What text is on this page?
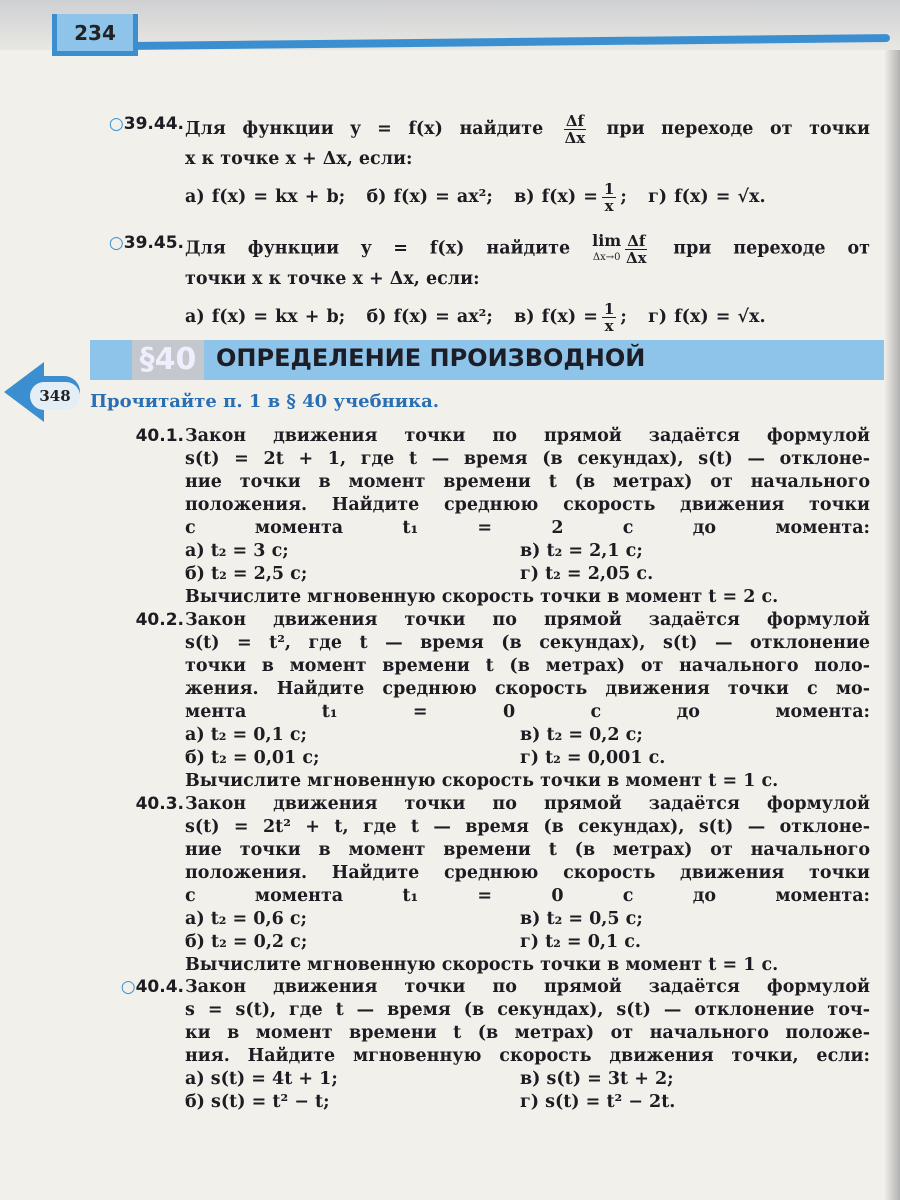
234
○39.44. Для функции y = f(x) найдите $\frac{\Delta f}{\Delta x}$ при переходе от точки
x к точке x + Δx, если:
а) f(x) = kx + b; б) f(x) = ax²; в) $f(x) = \frac{1}{x}$ ; г) f(x) = √x.
○39.45. Для функции y = f(x) найдите lim
$\Delta x\to 0 \frac{\Delta f}{\Delta x}$ при переходе от
точки x к точке x + Δx, если:
а) f(x) = kx + b; б) f(x) = ax²; в) $f(x) = \frac{1}{x}$ ; г) f(x) = √x.
§40 ОПРЕДЕЛЕНИЕ ПРОИЗВОДНОЙ
348	Прочитайте п. 1 в § 40 учебника.
40.1. Закон движения точки по прямой задаётся формулой
s(t) = 2t + 1, где t — время (в секундах), s(t) — отклоне-
ние точки в момент времени t (в метрах) от начального
положения. Найдите среднюю скорость движения точки
с момента t₁ = 2 с до момента:
а) t₂ = 3 с;	в) t₂ = 2,1 с;
б) t₂ = 2,5 с;	г) t₂ = 2,05 с.
Вычислите мгновенную скорость точки в момент t = 2 с.
40.2. Закон движения точки по прямой задаётся формулой
s(t) = t², где t — время (в секундах), s(t) — отклонение
точки в момент времени t (в метрах) от начального поло-
жения. Найдите среднюю скорость движения точки с мо-
мента t₁ = 0 с до момента:
а) t₂ = 0,1 с;	в) t₂ = 0,2 с;
б) t₂ = 0,01 с;	г) t₂ = 0,001 с.
Вычислите мгновенную скорость точки в момент t = 1 с.
40.3. Закон движения точки по прямой задаётся формулой
s(t) = 2t² + t, где t — время (в секундах), s(t) — отклоне-
ние точки в момент времени t (в метрах) от начального
положения. Найдите среднюю скорость движения точки
с момента t₁ = 0 с до момента:
а) t₂ = 0,6 с;	в) t₂ = 0,5 с;
б) t₂ = 0,2 с;	г) t₂ = 0,1 с.
Вычислите мгновенную скорость точки в момент t = 1 с.
○40.4. Закон движения точки по прямой задаётся формулой
s = s(t), где t — время (в секундах), s(t) — отклонение точ-
ки в момент времени t (в метрах) от начального положе-
ния. Найдите мгновенную скорость движения точки, если:
а) s(t) = 4t + 1;	в) s(t) = 3t + 2;
б) s(t) = t² − t;	г) s(t) = t² − 2t.
